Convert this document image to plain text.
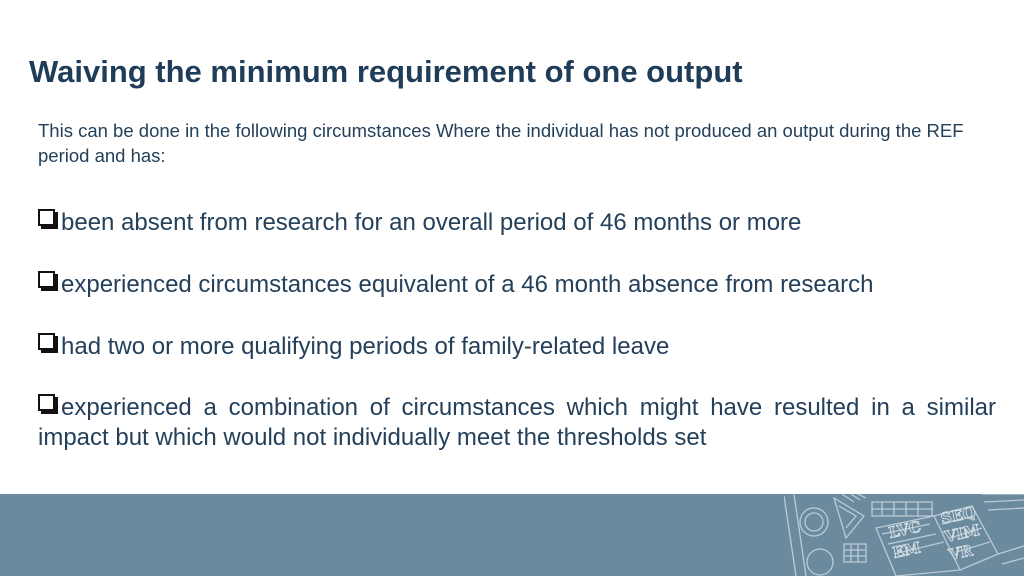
Waiving the minimum requirement of one output
This can be done in the following circumstances Where the individual has not produced an output during the REF period and has:
been absent from research for an overall period of 46 months or more
experienced circumstances equivalent of a 46 month absence from research
had two or more qualifying periods of family-related leave
experienced a combination of circumstances which might have resulted in a similar impact but which would not individually meet the thresholds set
LVC
EM
SEQ
VIM
VR
